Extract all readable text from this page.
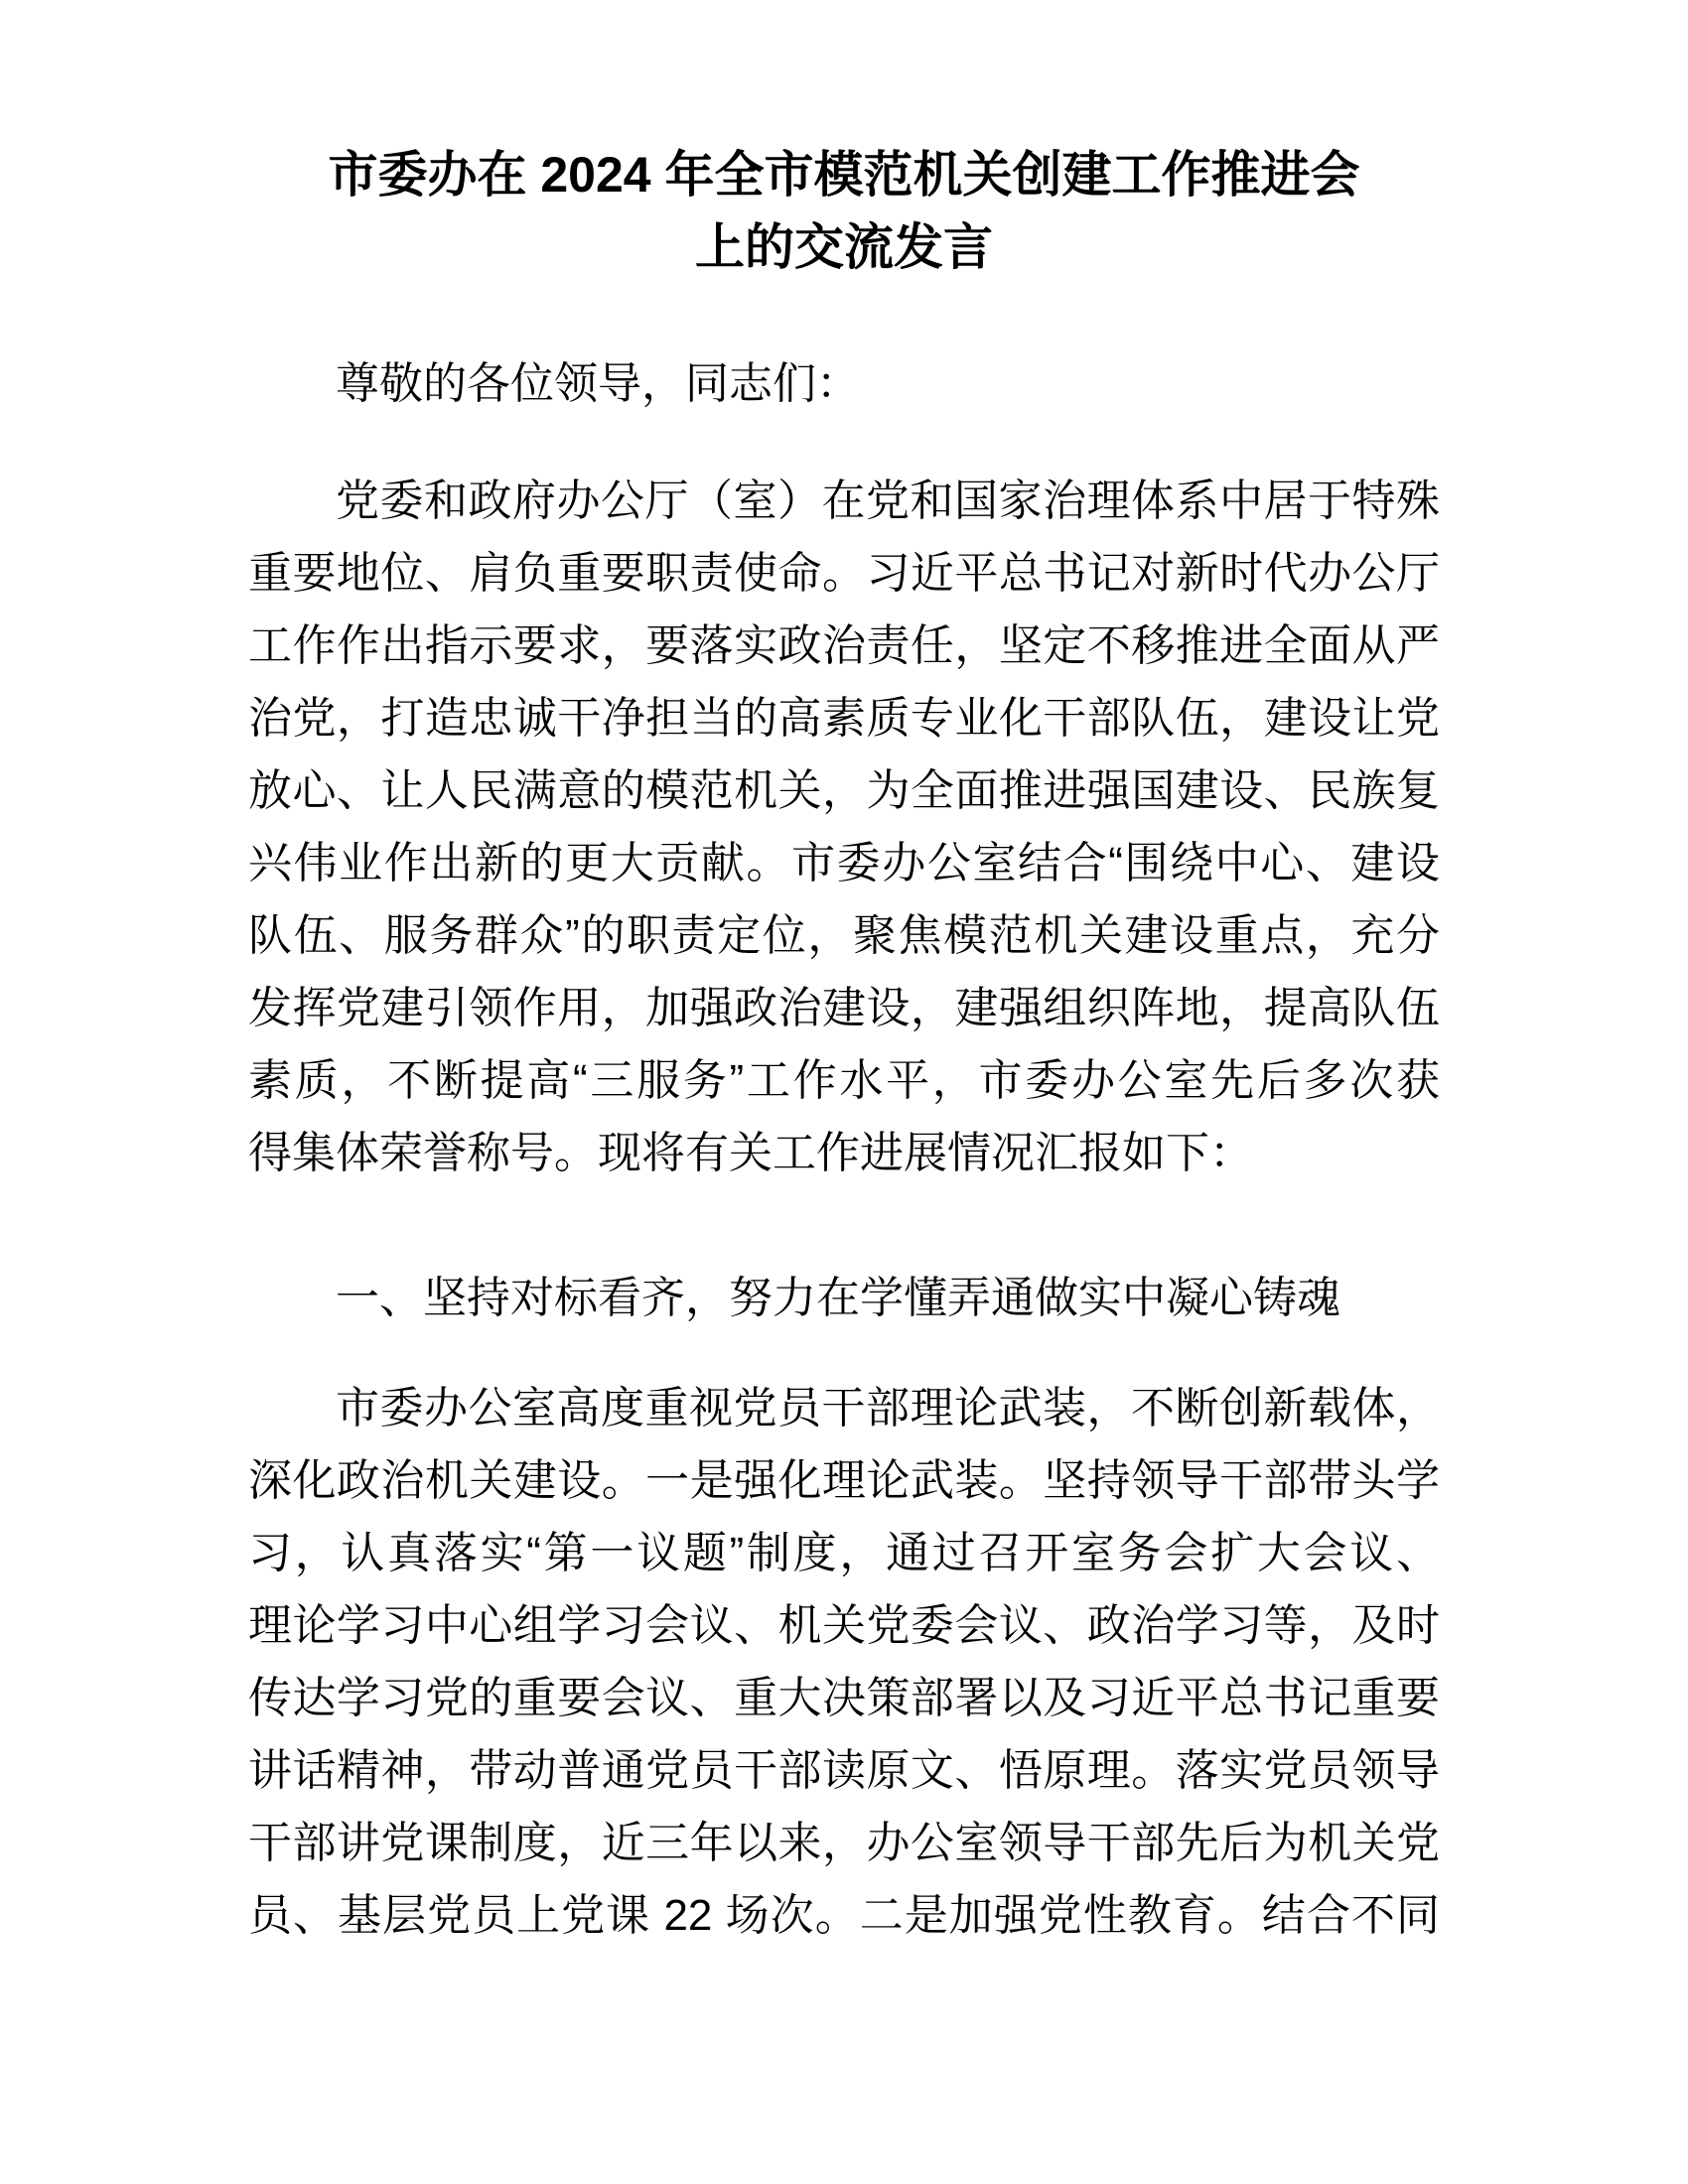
市委办在 2024 年全市模范机关创建工作推进会
上的交流发言

尊敬的各位领导，同志们：

党委和政府办公厅（室）在党和国家治理体系中居于特殊
重要地位、肩负重要职责使命。习近平总书记对新时代办公厅
工作作出指示要求，要落实政治责任，坚定不移推进全面从严
治党，打造忠诚干净担当的高素质专业化干部队伍，建设让党
放心、让人民满意的模范机关，为全面推进强国建设、民族复
兴伟业作出新的更大贡献。市委办公室结合“围绕中心、建设
队伍、服务群众”的职责定位，聚焦模范机关建设重点，充分
发挥党建引领作用，加强政治建设，建强组织阵地，提高队伍
素质，不断提高“三服务”工作水平，市委办公室先后多次获
得集体荣誉称号。现将有关工作进展情况汇报如下：

一、坚持对标看齐，努力在学懂弄通做实中凝心铸魂

市委办公室高度重视党员干部理论武装，不断创新载体，
深化政治机关建设。一是强化理论武装。坚持领导干部带头学
习，认真落实“第一议题”制度，通过召开室务会扩大会议、
理论学习中心组学习会议、机关党委会议、政治学习等，及时
传达学习党的重要会议、重大决策部署以及习近平总书记重要
讲话精神，带动普通党员干部读原文、悟原理。落实党员领导
干部讲党课制度，近三年以来，办公室领导干部先后为机关党
员、基层党员上党课 22 场次。二是加强党性教育。结合不同
